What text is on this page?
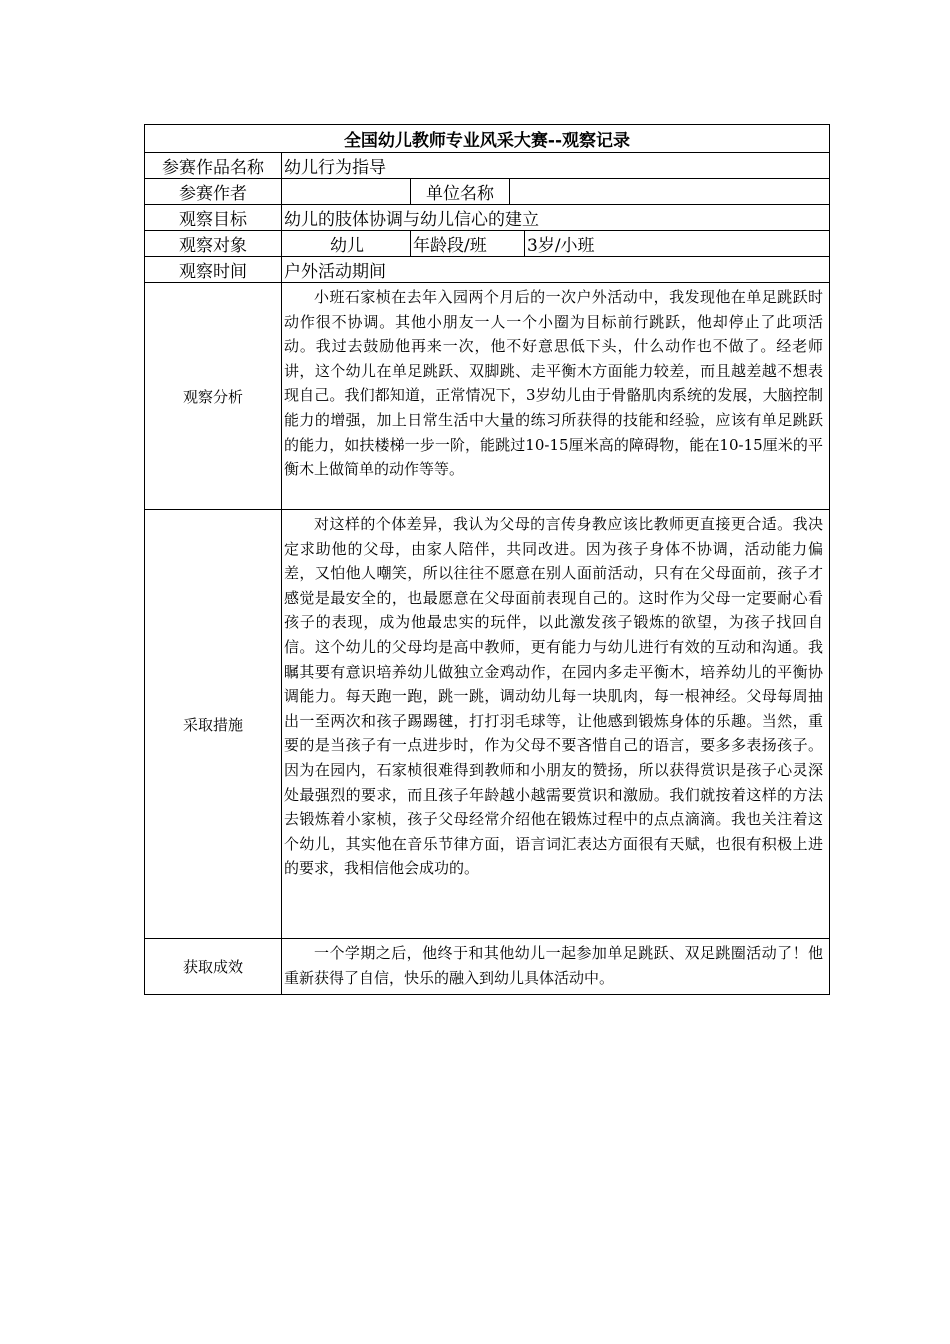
全国幼儿教师专业风采大赛--观察记录				
参赛作品名称	幼儿行为指导			
参赛作者		单位名称		
观察目标	幼儿的肢体协调与幼儿信心的建立			
观察对象	幼儿	年龄段/班		3岁/小班
观察时间	户外活动期间			
观察分析	小班石家桢在去年入园两个月后的一次户外活动中，我发现他在单足跳跃时动作很不协调。其他小朋友一人一个小圈为目标前行跳跃，他却停止了此项活动。我过去鼓励他再来一次，他不好意思低下头，什么动作也不做了。经老师讲，这个幼儿在单足跳跃、双脚跳、走平衡木方面能力较差，而且越差越不想表现自己。我们都知道，正常情况下，3岁幼儿由于骨骼肌肉系统的发展，大脑控制能力的增强，加上日常生活中大量的练习所获得的技能和经验，应该有单足跳跃的能力，如扶楼梯一步一阶，能跳过10-15厘米高的障碍物，能在10-15厘米的平衡木上做简单的动作等等。			
采取措施	对这样的个体差异，我认为父母的言传身教应该比教师更直接更合适。我决定求助他的父母，由家人陪伴，共同改进。因为孩子身体不协调，活动能力偏差，又怕他人嘲笑，所以往往不愿意在别人面前活动，只有在父母面前，孩子才感觉是最安全的，也最愿意在父母面前表现自己的。这时作为父母一定要耐心看孩子的表现，成为他最忠实的玩伴，以此激发孩子锻炼的欲望，为孩子找回自信。这个幼儿的父母均是高中教师，更有能力与幼儿进行有效的互动和沟通。我瞩其要有意识培养幼儿做独立金鸡动作，在园内多走平衡木，培养幼儿的平衡协调能力。每天跑一跑，跳一跳，调动幼儿每一块肌肉，每一根神经。父母每周抽出一至两次和孩子踢踢毽，打打羽毛球等，让他感到锻炼身体的乐趣。当然，重要的是当孩子有一点进步时，作为父母不要吝惜自己的语言，要多多表扬孩子。因为在园内，石家桢很难得到教师和小朋友的赞扬，所以获得赏识是孩子心灵深处最强烈的要求，而且孩子年龄越小越需要赏识和激励。我们就按着这样的方法去锻炼着小家桢，孩子父母经常介绍他在锻炼过程中的点点滴滴。我也关注着这个幼儿，其实他在音乐节律方面，语言词汇表达方面很有天赋，也很有积极上进的要求，我相信他会成功的。			
获取成效	一个学期之后，他终于和其他幼儿一起参加单足跳跃、双足跳圈活动了！他重新获得了自信，快乐的融入到幼儿具体活动中。			
